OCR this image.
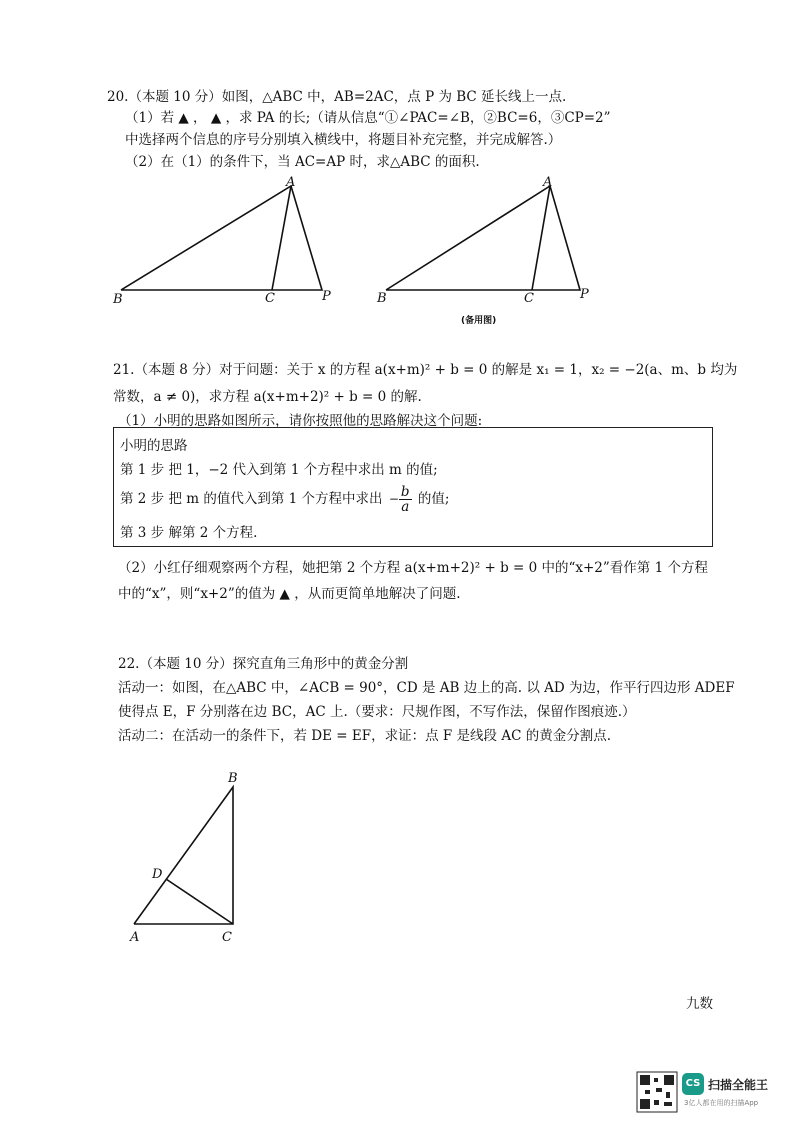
20.（本题 10 分）如图，△ABC 中，AB=2AC，点 P 为 BC 延长线上一点.
（1）若 ▲ ， ▲ ，求 PA 的长;（请从信息“①∠PAC=∠B，②BC=6，③CP=2”
中选择两个信息的序号分别填入横线中，将题目补充完整，并完成解答.）
（2）在（1）的条件下，当 AC=AP 时，求△ABC 的面积.
A
B	C	P
A
B	C	P
B
D
A	C
(备用图)
21.（本题 8 分）对于问题：关于 x 的方程 a(x+m)² + b = 0 的解是 x₁ = 1，x₂ = −2(a、m、b 均为
常数，a ≠ 0)，求方程 a(x+m+2)² + b = 0 的解.
（1）小明的思路如图所示，请你按照他的思路解决这个问题:
小明的思路
第 1 步 把 1，−2 代入到第 1 个方程中求出 m 的值;
第 2 步 把 m 的值代入到第 1 个方程中求出 − $\frac{b}{a}$ 的值;
第 3 步 解第 2 个方程.
（2）小红仔细观察两个方程，她把第 2 个方程 a(x+m+2)² + b = 0 中的“x+2”看作第 1 个方程
中的“x”，则“x+2”的值为 ▲ ，从而更简单地解决了问题.
22.（本题 10 分）探究直角三角形中的黄金分割
活动一：如图，在△ABC 中，∠ACB = 90°，CD 是 AB 边上的高. 以 AD 为边，作平行四边形 ADEF
使得点 E，F 分别落在边 BC，AC 上.（要求：尺规作图，不写作法，保留作图痕迹.）
活动二：在活动一的条件下，若 DE = EF，求证：点 F 是线段 AC 的黄金分割点.
九数
CS 扫描全能王
3亿人都在用的扫描App
